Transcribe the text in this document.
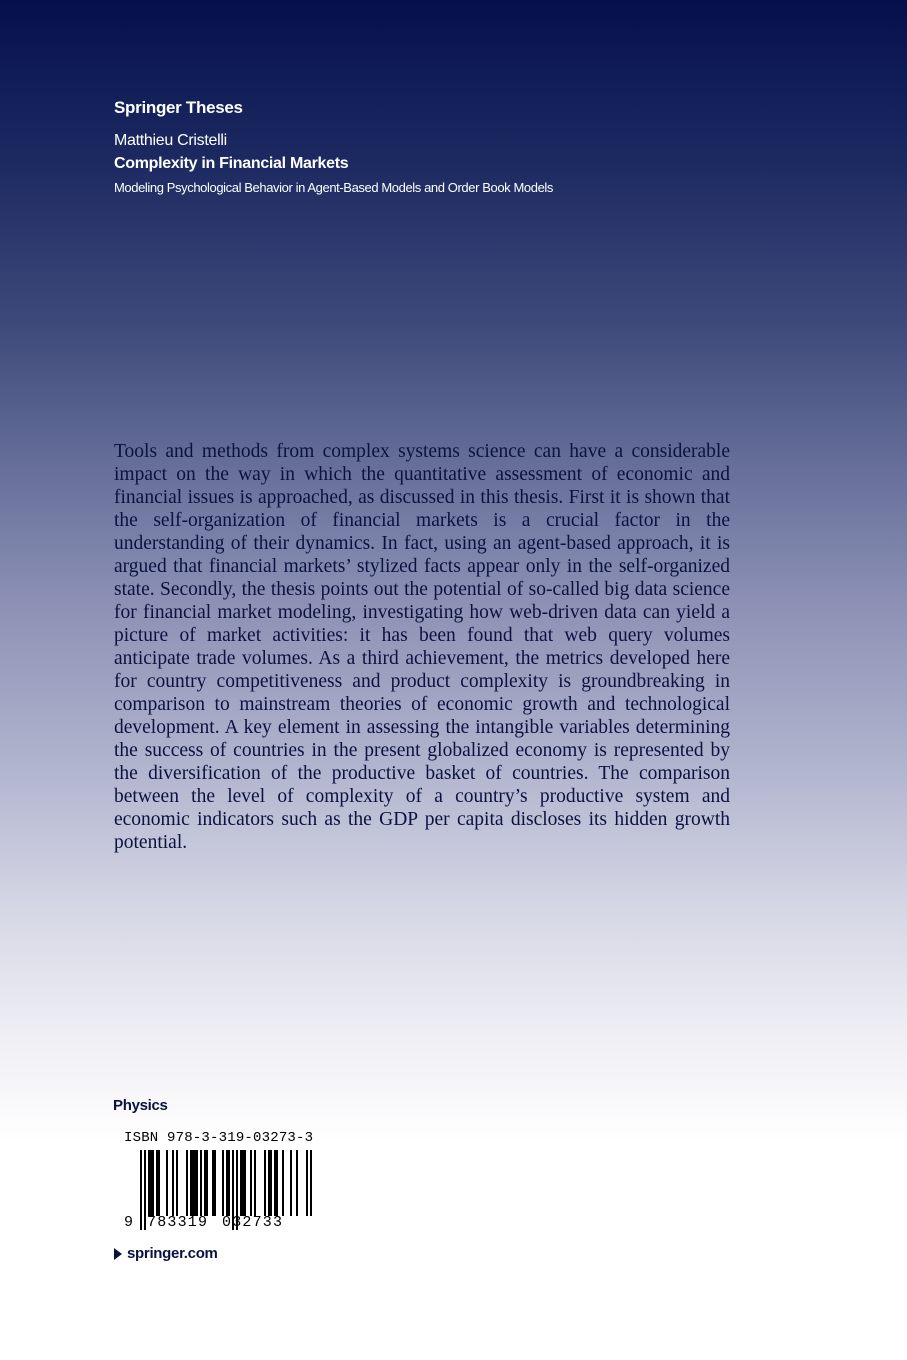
Springer Theses
Matthieu Cristelli
Complexity in Financial Markets
Modeling Psychological Behavior in Agent-Based Models and Order Book Models

Tools and methods from complex systems science can have a considerable impact on the way in which the quantitative assessment of economic and financial issues is approached, as discussed in this thesis. First it is shown that the self-organization of financial markets is a crucial factor in the understanding of their dynamics. In fact, using an agent-based approach, it is argued that financial markets’ stylized facts appear only in the self-organized state. Secondly, the thesis points out the potential of so-called big data science for financial market modeling, investigating how web-driven data can yield a picture of market activities: it has been found that web query volumes anticipate trade volumes. As a third achievement, the metrics developed here for country competitiveness and product complexity is groundbreaking in comparison to mainstream theories of economic growth and technological development. A key element in assessing the intangible variables determining the success of countries in the present globalized economy is represented by the diversification of the productive basket of countries. The comparison between the level of complexity of a country’s productive system and economic indicators such as the GDP per capita discloses its hidden growth potential.

Physics
ISBN 978-3-319-03273-3
9 783319 032733
springer.com
